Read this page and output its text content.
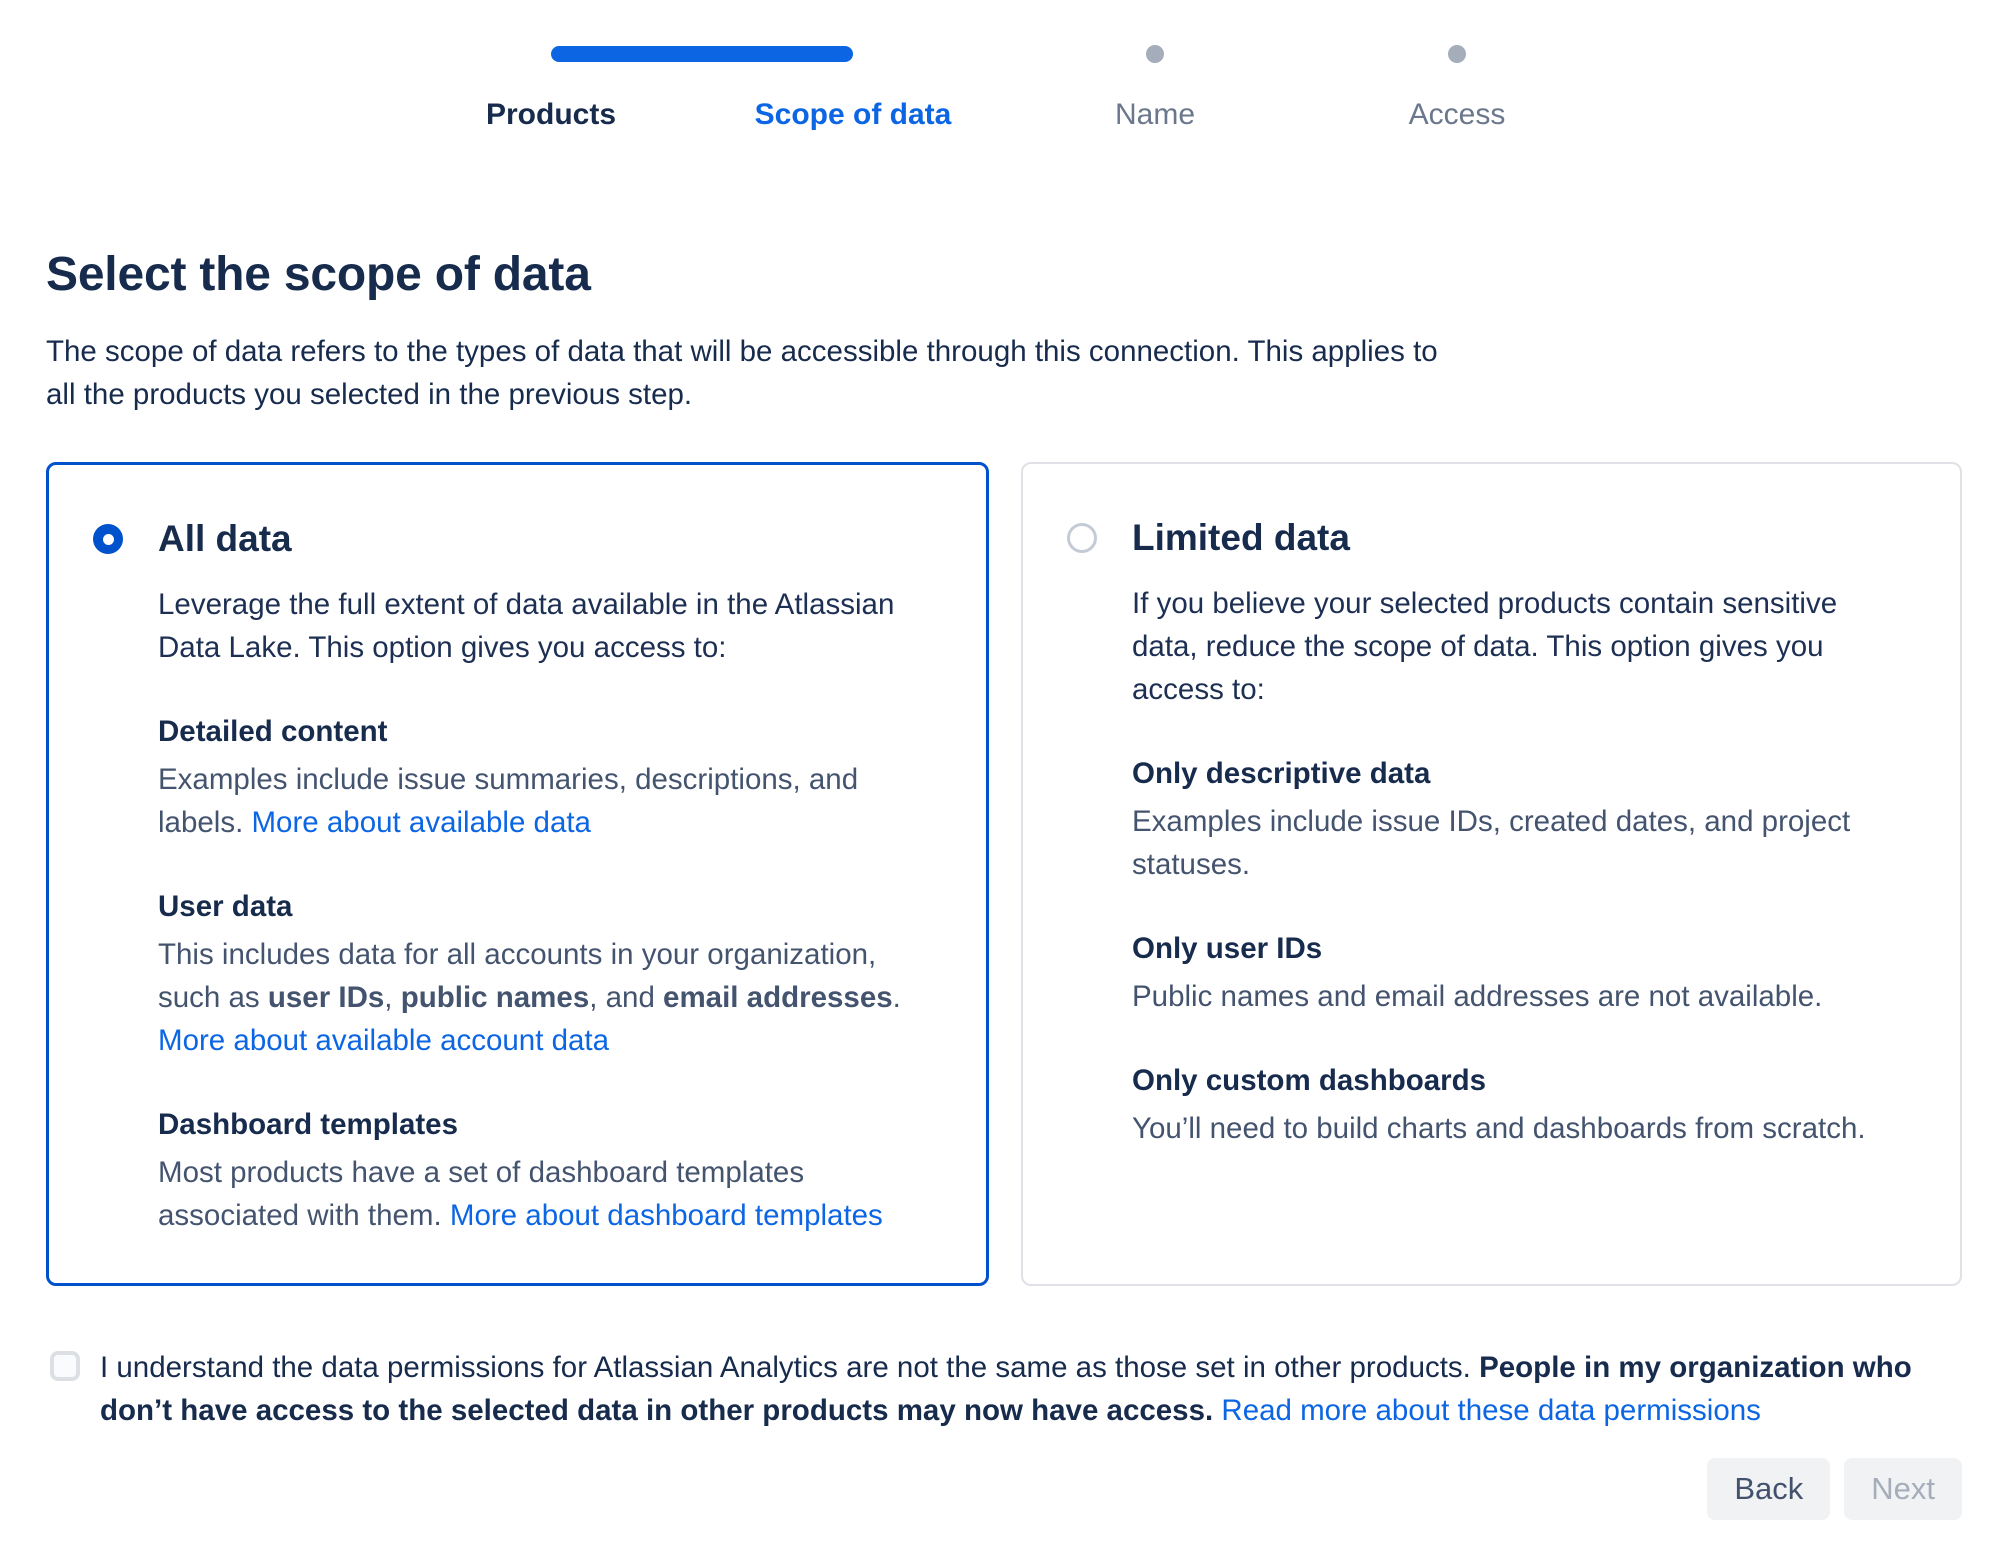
Products	Scope of data	Name	Access
Select the scope of data
The scope of data refers to the types of data that will be accessible through this connection. This applies to
all the products you selected in the previous step.
All data

Leverage the full extent of data available in the Atlassian Data Lake. This option gives you access to:

Detailed content

Examples include issue summaries, descriptions, and labels. More about available data

User data

This includes data for all accounts in your organization, such as user IDs, public names, and email addresses. More about available account data

Dashboard templates

Most products have a set of dashboard templates associated with them. More about dashboard templates

Limited data

If you believe your selected products contain sensitive data, reduce the scope of data. This option gives you access to:

Only descriptive data

Examples include issue IDs, created dates, and project statuses.

Only user IDs

Public names and email addresses are not available.

Only custom dashboards

You’ll need to build charts and dashboards from scratch.

I understand the data permissions for Atlassian Analytics are not the same as those set in other products. People in my organization who don’t have access to the selected data in other products may now have access. Read more about these data permissions
Back	Next
